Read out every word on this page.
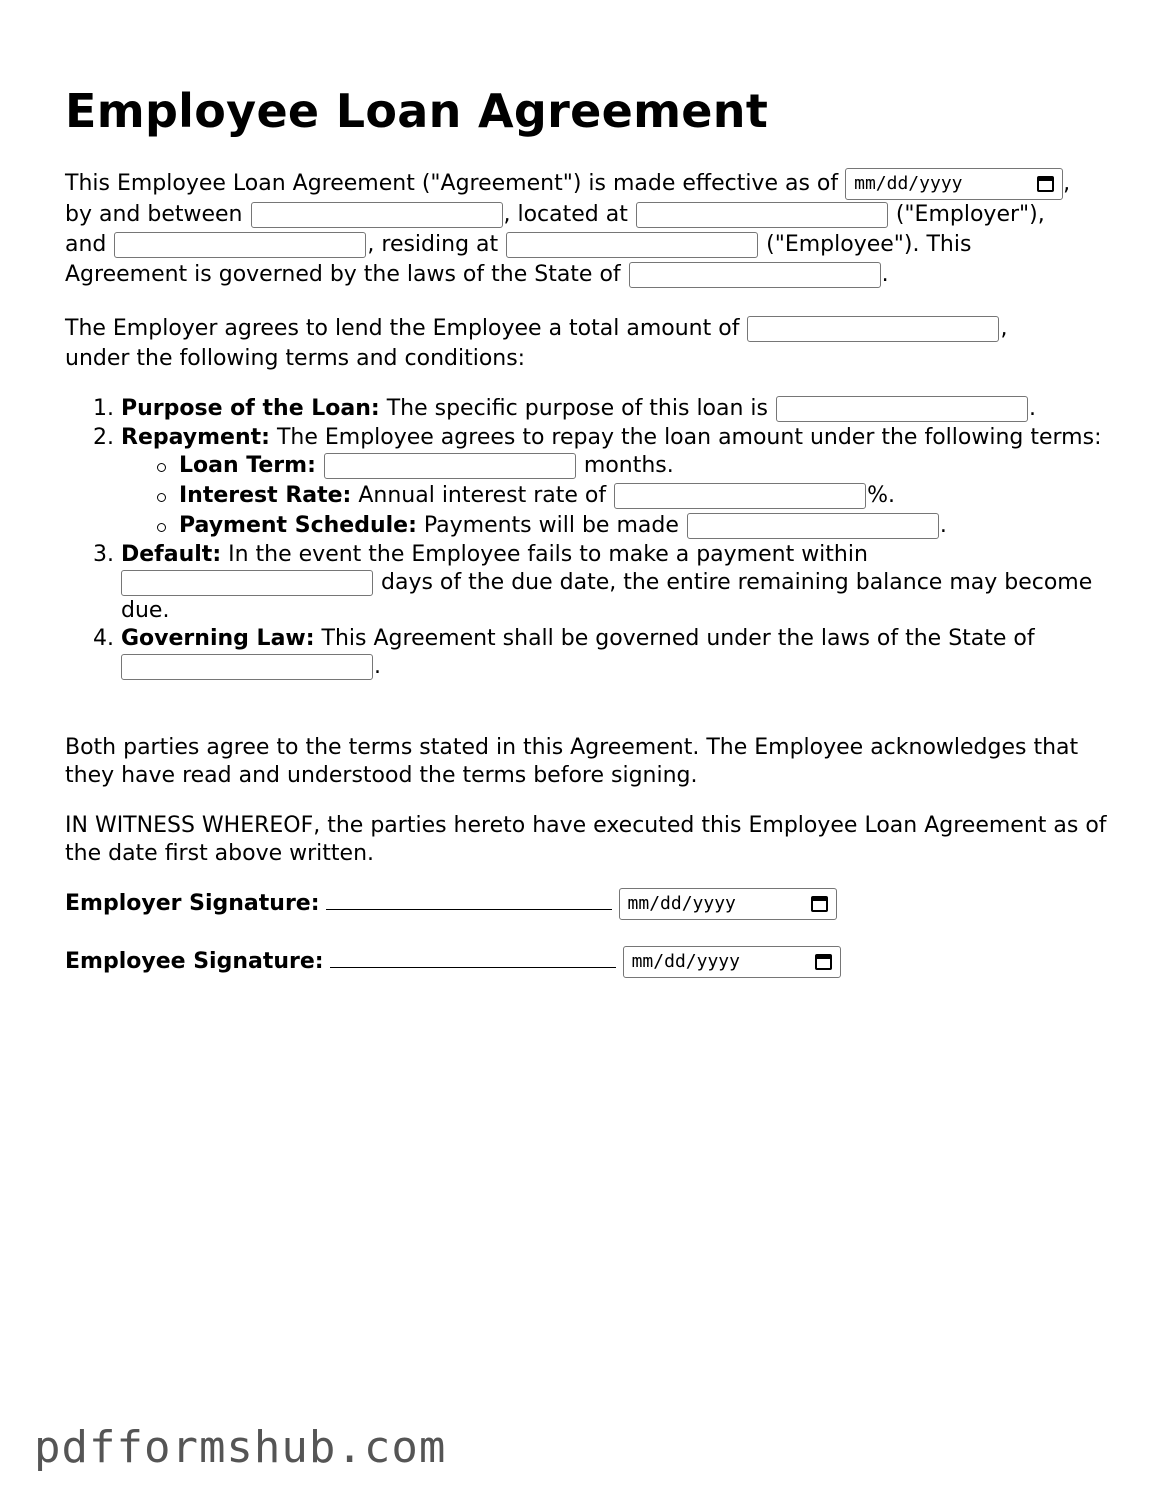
Employee Loan Agreement
This Employee Loan Agreement ("Agreement") is made effective as of mm/dd/yyyy	,
by and between	, located at	("Employer"),
and	, residing at	("Employee"). This
Agreement is governed by the laws of the State of	.
The Employer agrees to lend the Employee a total amount of	,
under the following terms and conditions:
1. Purpose of the Loan: The specific purpose of this loan is	.
2. Repayment: The Employee agrees to repay the loan amount under the following terms:
Loan Term:	months.
Interest Rate: Annual interest rate of	%.
Payment Schedule: Payments will be made	.
3. Default: In the event the Employee fails to make a payment within
days of the due date, the entire remaining balance may become due.
4. Governing Law: This Agreement shall be governed under the laws of the State of
.
Both parties agree to the terms stated in this Agreement. The Employee acknowledges that they have read and understood the terms before signing.
IN WITNESS WHEREOF, the parties hereto have executed this Employee Loan Agreement as of the date first above written.
Employer Signature:	mm/dd/yyyy
Employee Signature:	mm/dd/yyyy
pdfformshub.com
